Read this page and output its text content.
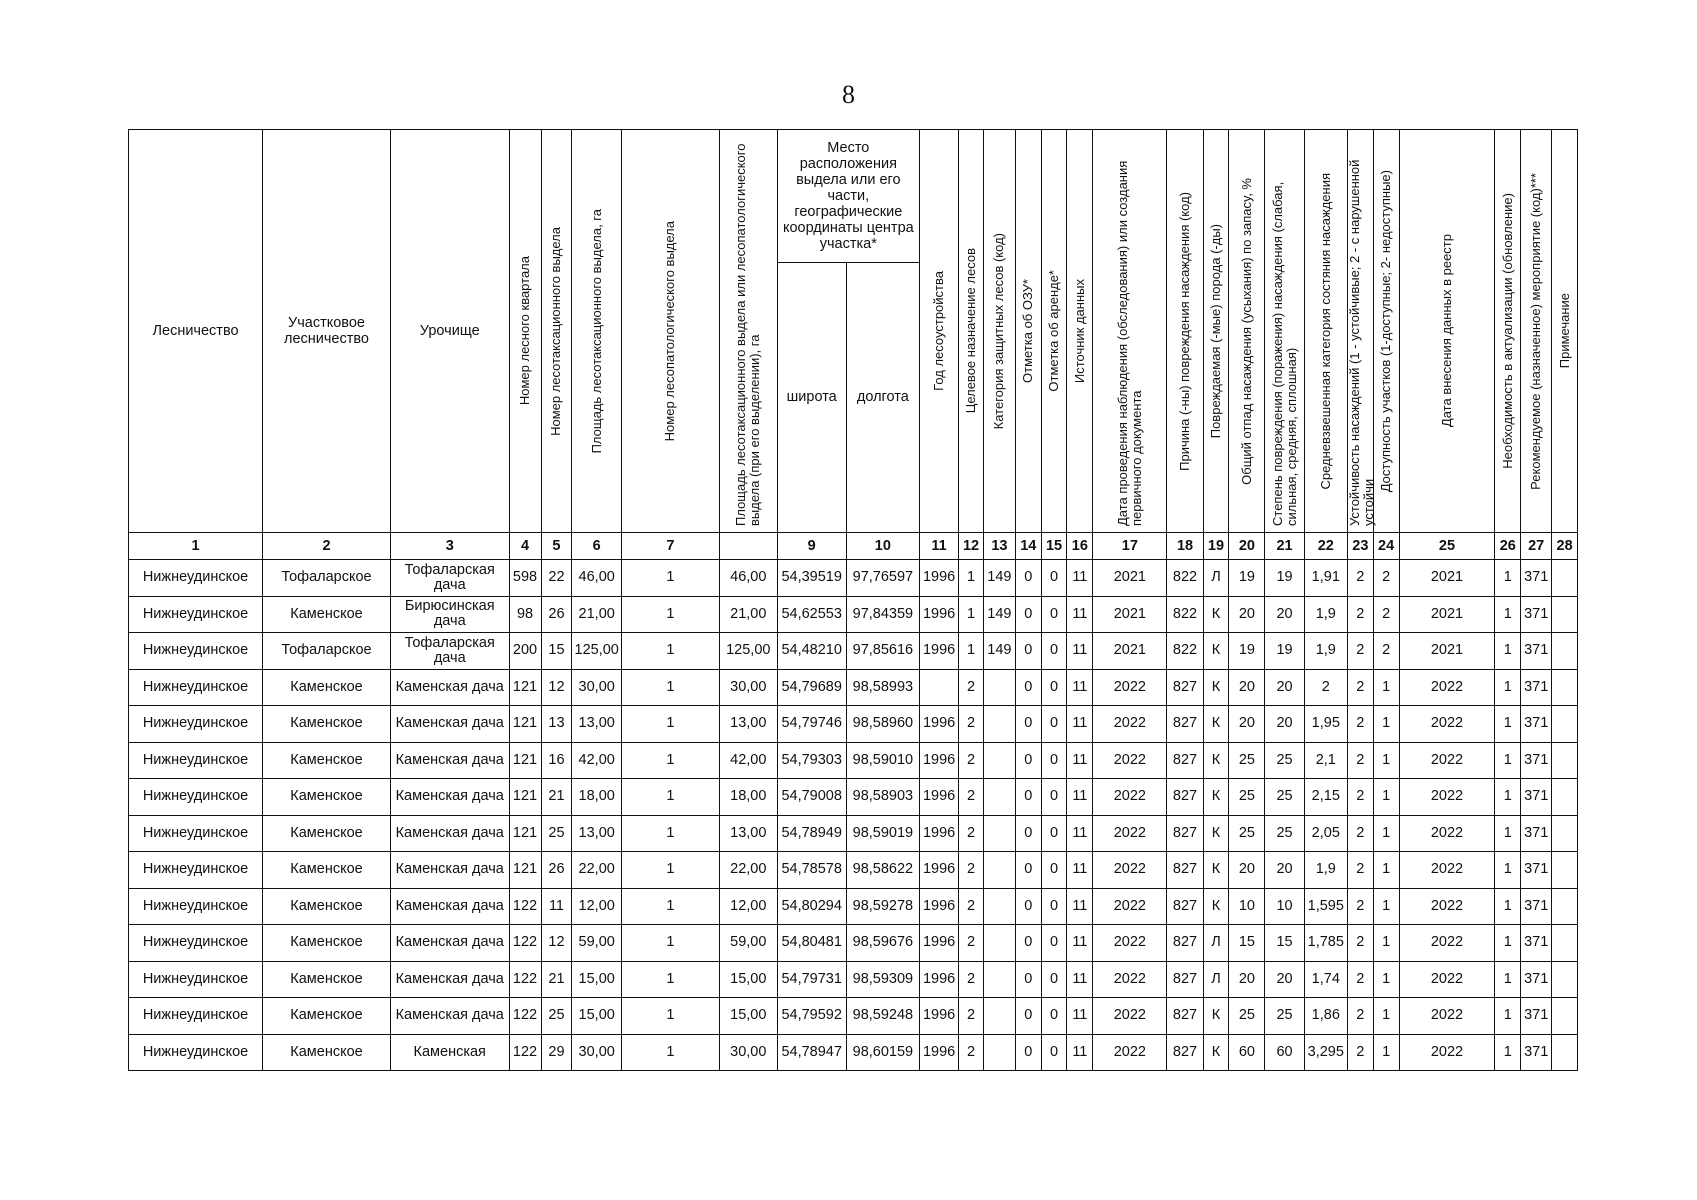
8
Лесничество	Участковое лесничество	Урочище	Номер лесного квартала	Номер лесотаксационного выдела	Площадь лесотаксационного выдела, га	Номер лесопатологического выдела	Площадь лесотаксационного выдела или лесопатологического выдела (при его выделении), га	Место расположения выдела или его части, географические координаты центра участка*		Год лесоустройства	Целевое назначение лесов	Категория защитных лесов (код)	Отметка об ОЗУ*	Отметка об аренде*	Источник данных	Дата проведения наблюдения (обследования) или создания первичного документа	Причина (-ны) повреждения насаждения (код)	Повреждаемая (-мые) порода (-ды)	Общий отпад насаждения (усыхания) по запасу, %	Степень повреждения (поражения) насаждения (слабая, сильная, средняя, сплошная)	Средневзвешенная категория состяния насаждения	Устойчивость насаждений (1 - устойчивые; 2 - с нарушенной устойчи	Доступность участков (1-доступные; 2- недоступные)	Дата внесения данных в реестр	Необходимость в актуализации (обновление)	Рекомендуемое (назначенное) мероприятие (код)***	Примечание

								широта	долгота																		

1	2	3	4	5	6	7		9	10	11	12	13	14	15	16	17	18	19	20	21	22	23	24	25	26	27	28
Нижнеудинское	Тофаларское	Тофаларская дача	598	22	46,00	1	46,00	54,39519	97,76597	1996	1	149	0	0	11	2021	822	Л	19	19	1,91	2	2	2021	1	371	
Нижнеудинское	Каменское	Бирюсинская дача	98	26	21,00	1	21,00	54,62553	97,84359	1996	1	149	0	0	11	2021	822	К	20	20	1,9	2	2	2021	1	371	
Нижнеудинское	Тофаларское	Тофаларская дача	200	15	125,00	1	125,00	54,48210	97,85616	1996	1	149	0	0	11	2021	822	К	19	19	1,9	2	2	2021	1	371	
Нижнеудинское	Каменское	Каменская дача	121	12	30,00	1	30,00	54,79689	98,58993		2		0	0	11	2022	827	К	20	20	2	2	1	2022	1	371	
Нижнеудинское	Каменское	Каменская дача	121	13	13,00	1	13,00	54,79746	98,58960	1996	2		0	0	11	2022	827	К	20	20	1,95	2	1	2022	1	371	
Нижнеудинское	Каменское	Каменская дача	121	16	42,00	1	42,00	54,79303	98,59010	1996	2		0	0	11	2022	827	К	25	25	2,1	2	1	2022	1	371	
Нижнеудинское	Каменское	Каменская дача	121	21	18,00	1	18,00	54,79008	98,58903	1996	2		0	0	11	2022	827	К	25	25	2,15	2	1	2022	1	371	
Нижнеудинское	Каменское	Каменская дача	121	25	13,00	1	13,00	54,78949	98,59019	1996	2		0	0	11	2022	827	К	25	25	2,05	2	1	2022	1	371	
Нижнеудинское	Каменское	Каменская дача	121	26	22,00	1	22,00	54,78578	98,58622	1996	2		0	0	11	2022	827	К	20	20	1,9	2	1	2022	1	371	
Нижнеудинское	Каменское	Каменская дача	122	11	12,00	1	12,00	54,80294	98,59278	1996	2		0	0	11	2022	827	К	10	10	1,595	2	1	2022	1	371	
Нижнеудинское	Каменское	Каменская дача	122	12	59,00	1	59,00	54,80481	98,59676	1996	2		0	0	11	2022	827	Л	15	15	1,785	2	1	2022	1	371	
Нижнеудинское	Каменское	Каменская дача	122	21	15,00	1	15,00	54,79731	98,59309	1996	2		0	0	11	2022	827	Л	20	20	1,74	2	1	2022	1	371	
Нижнеудинское	Каменское	Каменская дача	122	25	15,00	1	15,00	54,79592	98,59248	1996	2		0	0	11	2022	827	К	25	25	1,86	2	1	2022	1	371	
Нижнеудинское	Каменское	Каменская	122	29	30,00	1	30,00	54,78947	98,60159	1996	2		0	0	11	2022	827	К	60	60	3,295	2	1	2022	1	371	
